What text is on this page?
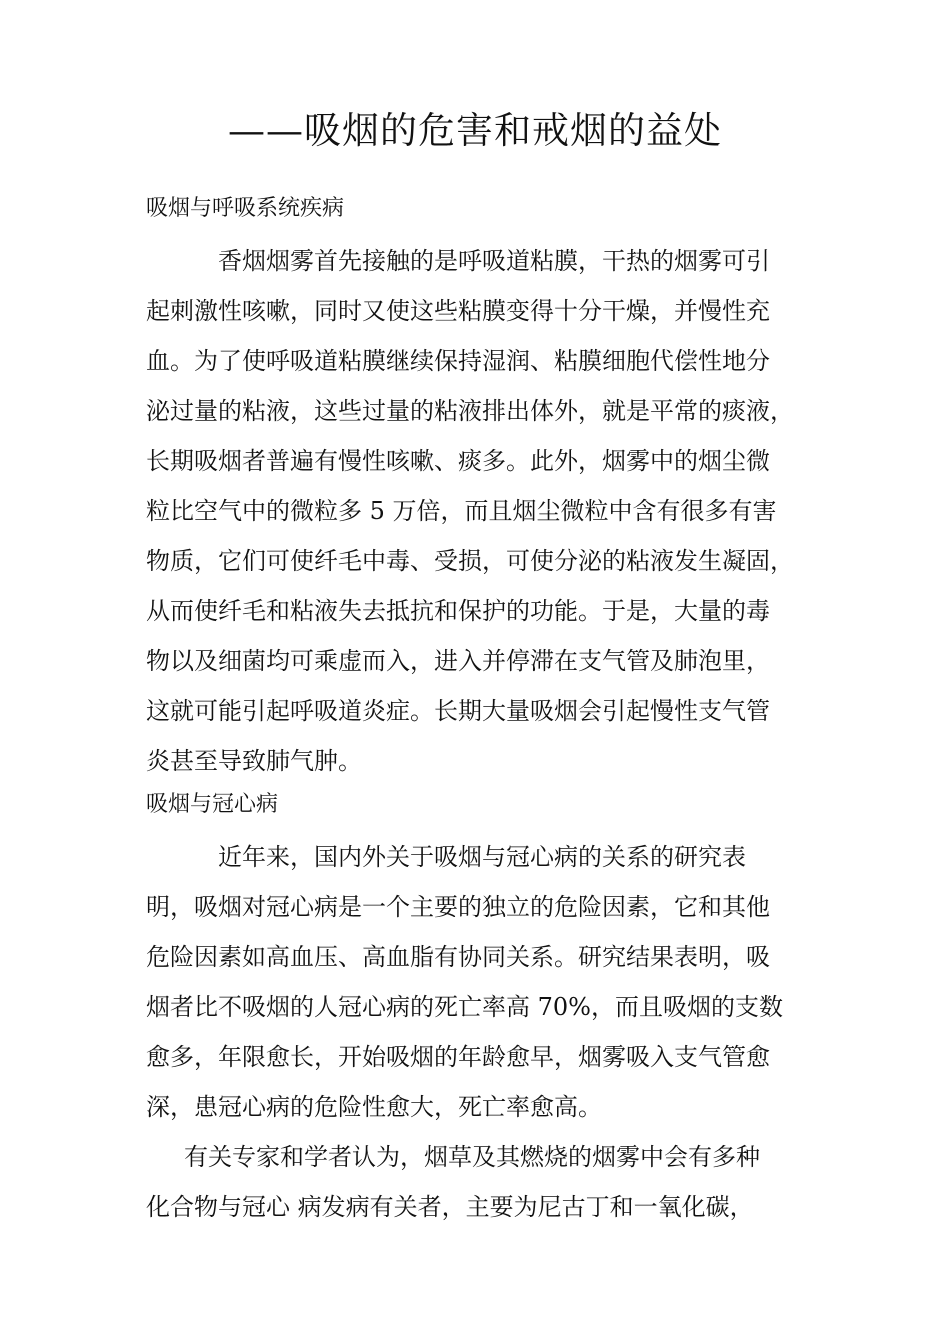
——吸烟的危害和戒烟的益处
吸烟与呼吸系统疾病
香烟烟雾首先接触的是呼吸道粘膜，干热的烟雾可引
起刺激性咳嗽，同时又使这些粘膜变得十分干燥，并慢性充
血。为了使呼吸道粘膜继续保持湿润、粘膜细胞代偿性地分
泌过量的粘液，这些过量的粘液排出体外，就是平常的痰液，
长期吸烟者普遍有慢性咳嗽、痰多。此外，烟雾中的烟尘微
粒比空气中的微粒多 5 万倍，而且烟尘微粒中含有很多有害
物质，它们可使纤毛中毒、受损，可使分泌的粘液发生凝固，
从而使纤毛和粘液失去抵抗和保护的功能。于是，大量的毒
物以及细菌均可乘虚而入，进入并停滞在支气管及肺泡里，
这就可能引起呼吸道炎症。长期大量吸烟会引起慢性支气管
炎甚至导致肺气肿。
吸烟与冠心病
近年来，国内外关于吸烟与冠心病的关系的研究表
明，吸烟对冠心病是一个主要的独立的危险因素，它和其他
危险因素如高血压、高血脂有协同关系。研究结果表明，吸
烟者比不吸烟的人冠心病的死亡率高 70%，而且吸烟的支数
愈多，年限愈长，开始吸烟的年龄愈早，烟雾吸入支气管愈
深，患冠心病的危险性愈大，死亡率愈高。
有关专家和学者认为，烟草及其燃烧的烟雾中会有多种
化合物与冠心 病发病有关者，主要为尼古丁和一氧化碳，
